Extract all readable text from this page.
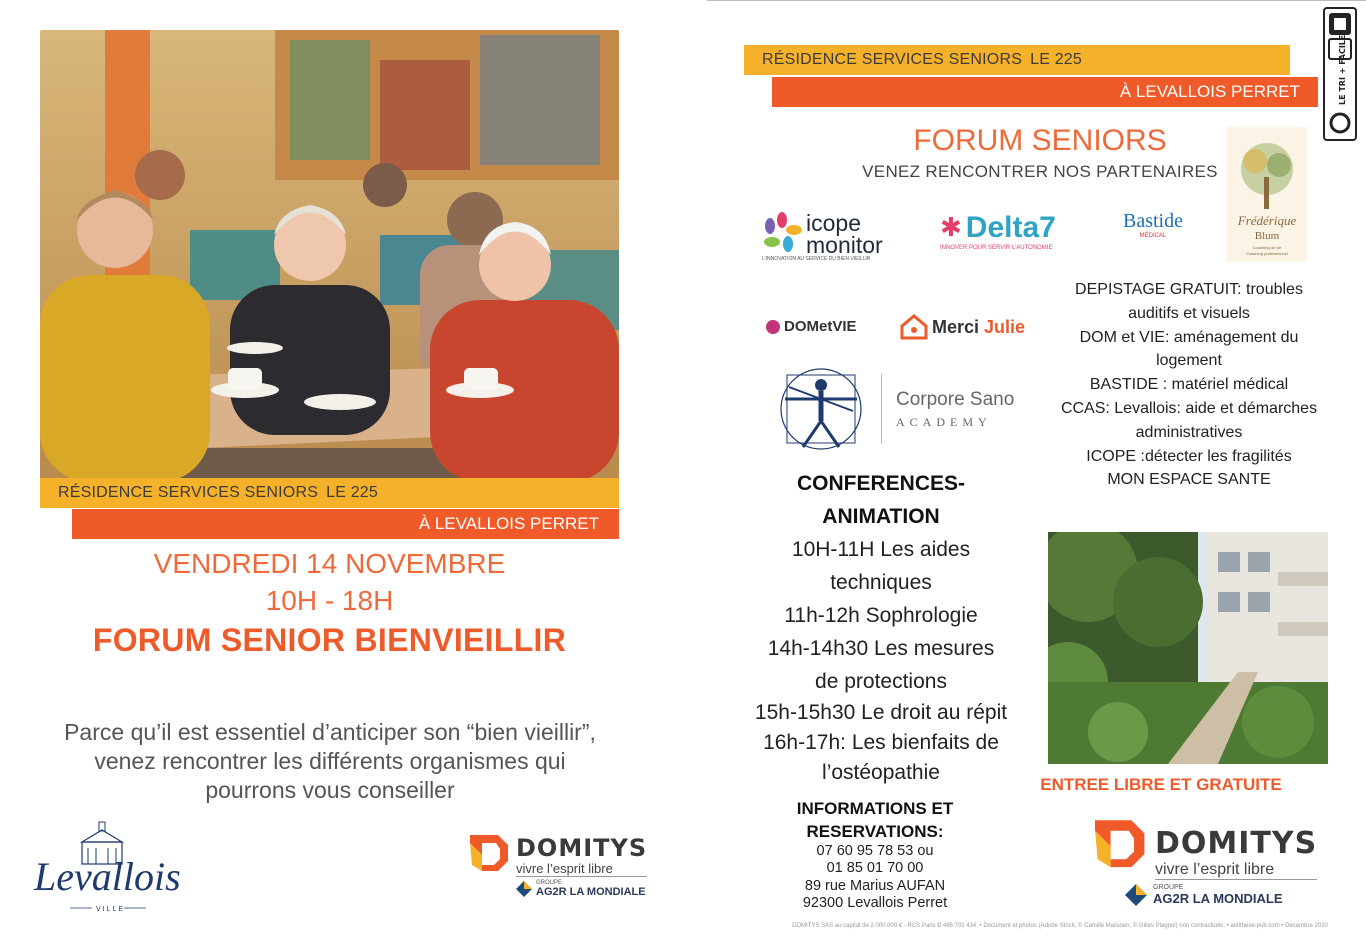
RÉSIDENCE SERVICES SENIORS LE 225
À LEVALLOIS PERRET
VENDREDI 14 NOVEMBRE
10H - 18H
FORUM SENIOR BIENVIEILLIR
Parce qu’il est essentiel d’anticiper son “bien vieillir”,
venez rencontrer les différents organismes qui
pourrons vous conseiller
Levallois
VILLE
DOMITYS
vivre l’esprit libre
GROUPE
AG2R LA MONDIALE
RÉSIDENCE SERVICES SENIORS LE 225
À LEVALLOIS PERRET	LE TRI + FACILE
FORUM SENIORS
VENEZ RENCONTRER NOS PARTENAIRES
icope
monitor
L’INNOVATION AU SERVICE DU BIEN VIEILLIR
✱ Delta7
INNOVER POUR SERVIR L’AUTONOMIE
Bastide
MÉDICAL
Frédérique
Blum
Coaching de vie
Coaching professionnel
DOMetVIE	Merci Julie
Corpore Sano
ACADEMY
DEPISTAGE GRATUIT: troubles
auditifs et visuels
DOM et VIE: aménagement du
logement
BASTIDE : matériel médical
CCAS: Levallois: aide et démarches
administratives
ICOPE :détecter les fragilités
MON ESPACE SANTE
CONFERENCES-
ANIMATION
10H-11H Les aides
techniques
11h-12h Sophrologie
14h-14h30 Les mesures
de protections
15h-15h30 Le droit au répit
16h-17h: Les bienfaits de
l’ostéopathie
ENTREE LIBRE ET GRATUITE
INFORMATIONS ET
RESERVATIONS:
07 60 95 78 53 ou
01 85 01 70 00
89 rue Marius AUFAN
92300 Levallois Perret
DOMITYS
vivre l’esprit libre
GROUPE
AG2R LA MONDIALE
DOMITYS SAS au capital de 2.000.000 € - RCS Paris B 488 701 434. • Document et photos (Adobe Stock, © Camille Malissen, © Gilles Plagnol) non contractuels. • antithese-pub.com • Décembre 2020
